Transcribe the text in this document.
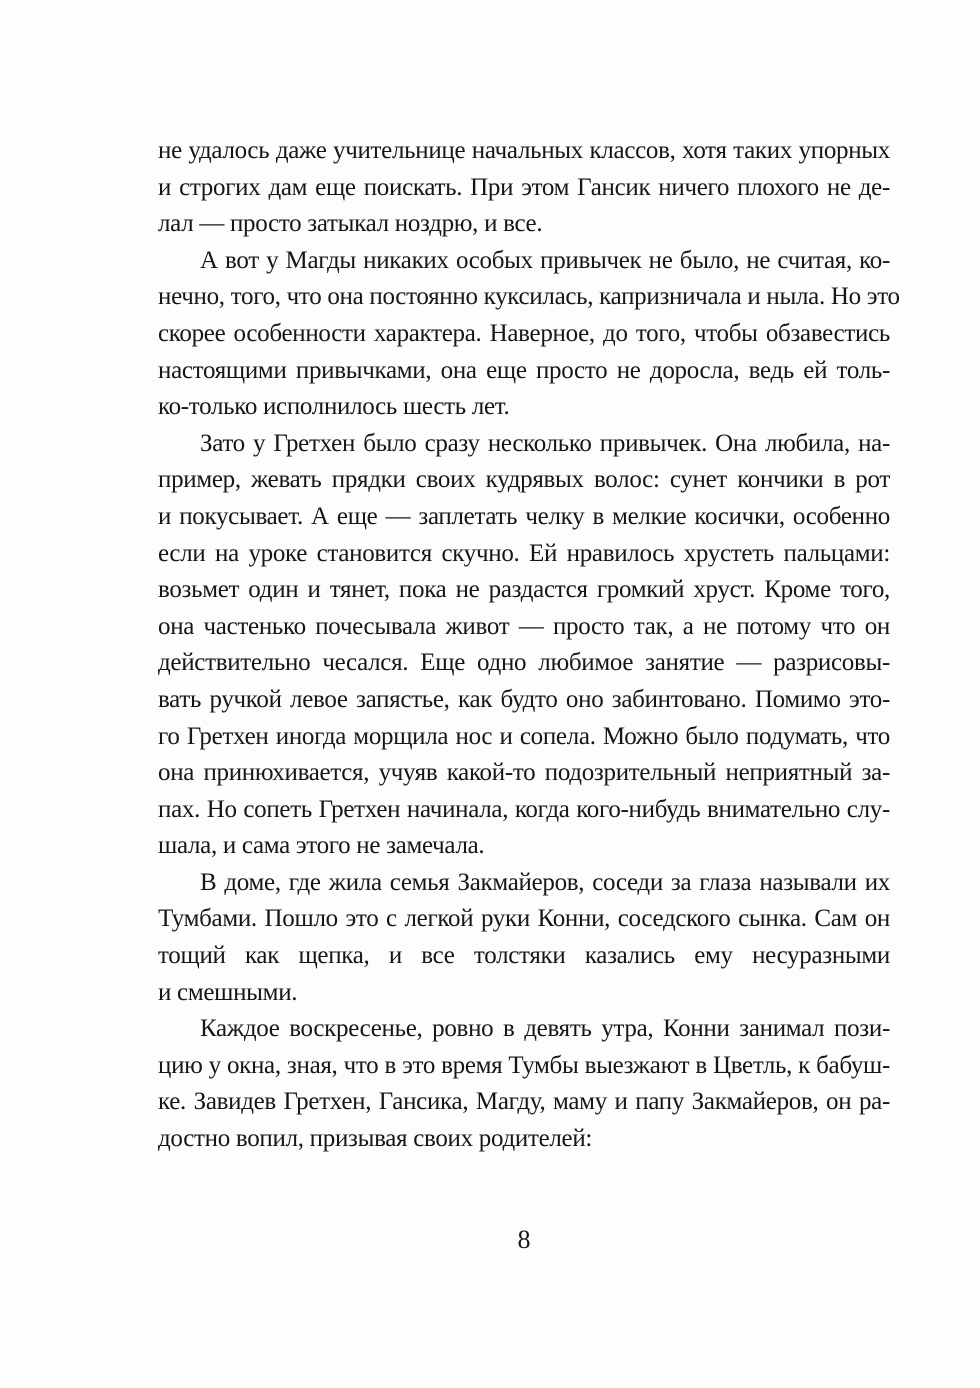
не удалось даже учительнице начальных классов, хотя таких упорных
и строгих дам еще поискать. При этом Гансик ничего плохого не де-
лал — просто затыкал ноздрю, и все.
А вот у Магды никаких особых привычек не было, не считая, ко-
нечно, того, что она постоянно куксилась, капризничала и ныла. Но это
скорее особенности характера. Наверное, до того, чтобы обзавестись
настоящими привычками, она еще просто не доросла, ведь ей толь-
ко-только исполнилось шесть лет.
Зато у Гретхен было сразу несколько привычек. Она любила, на-
пример, жевать прядки своих кудрявых волос: сунет кончики в рот
и покусывает. А еще — заплетать челку в мелкие косички, особенно
если на уроке становится скучно. Ей нравилось хрустеть пальцами:
возьмет один и тянет, пока не раздастся громкий хруст. Кроме того,
она частенько почесывала живот — просто так, а не потому что он
действительно чесался. Еще одно любимое занятие — разрисовы-
вать ручкой левое запястье, как будто оно забинтовано. Помимо это-
го Гретхен иногда морщила нос и сопела. Можно было подумать, что
она принюхивается, учуяв какой-то подозрительный неприятный за-
пах. Но сопеть Гретхен начинала, когда кого-нибудь внимательно слу-
шала, и сама этого не замечала.
В доме, где жила семья Закмайеров, соседи за глаза называли их
Тумбами. Пошло это с легкой руки Конни, соседского сынка. Сам он
тощий как щепка, и все толстяки казались ему несуразными
и смешными.
Каждое воскресенье, ровно в девять утра, Конни занимал пози-
цию у окна, зная, что в это время Тумбы выезжают в Цветль, к бабуш-
ке. Завидев Гретхен, Гансика, Магду, маму и папу Закмайеров, он ра-
достно вопил, призывая своих родителей:
8
